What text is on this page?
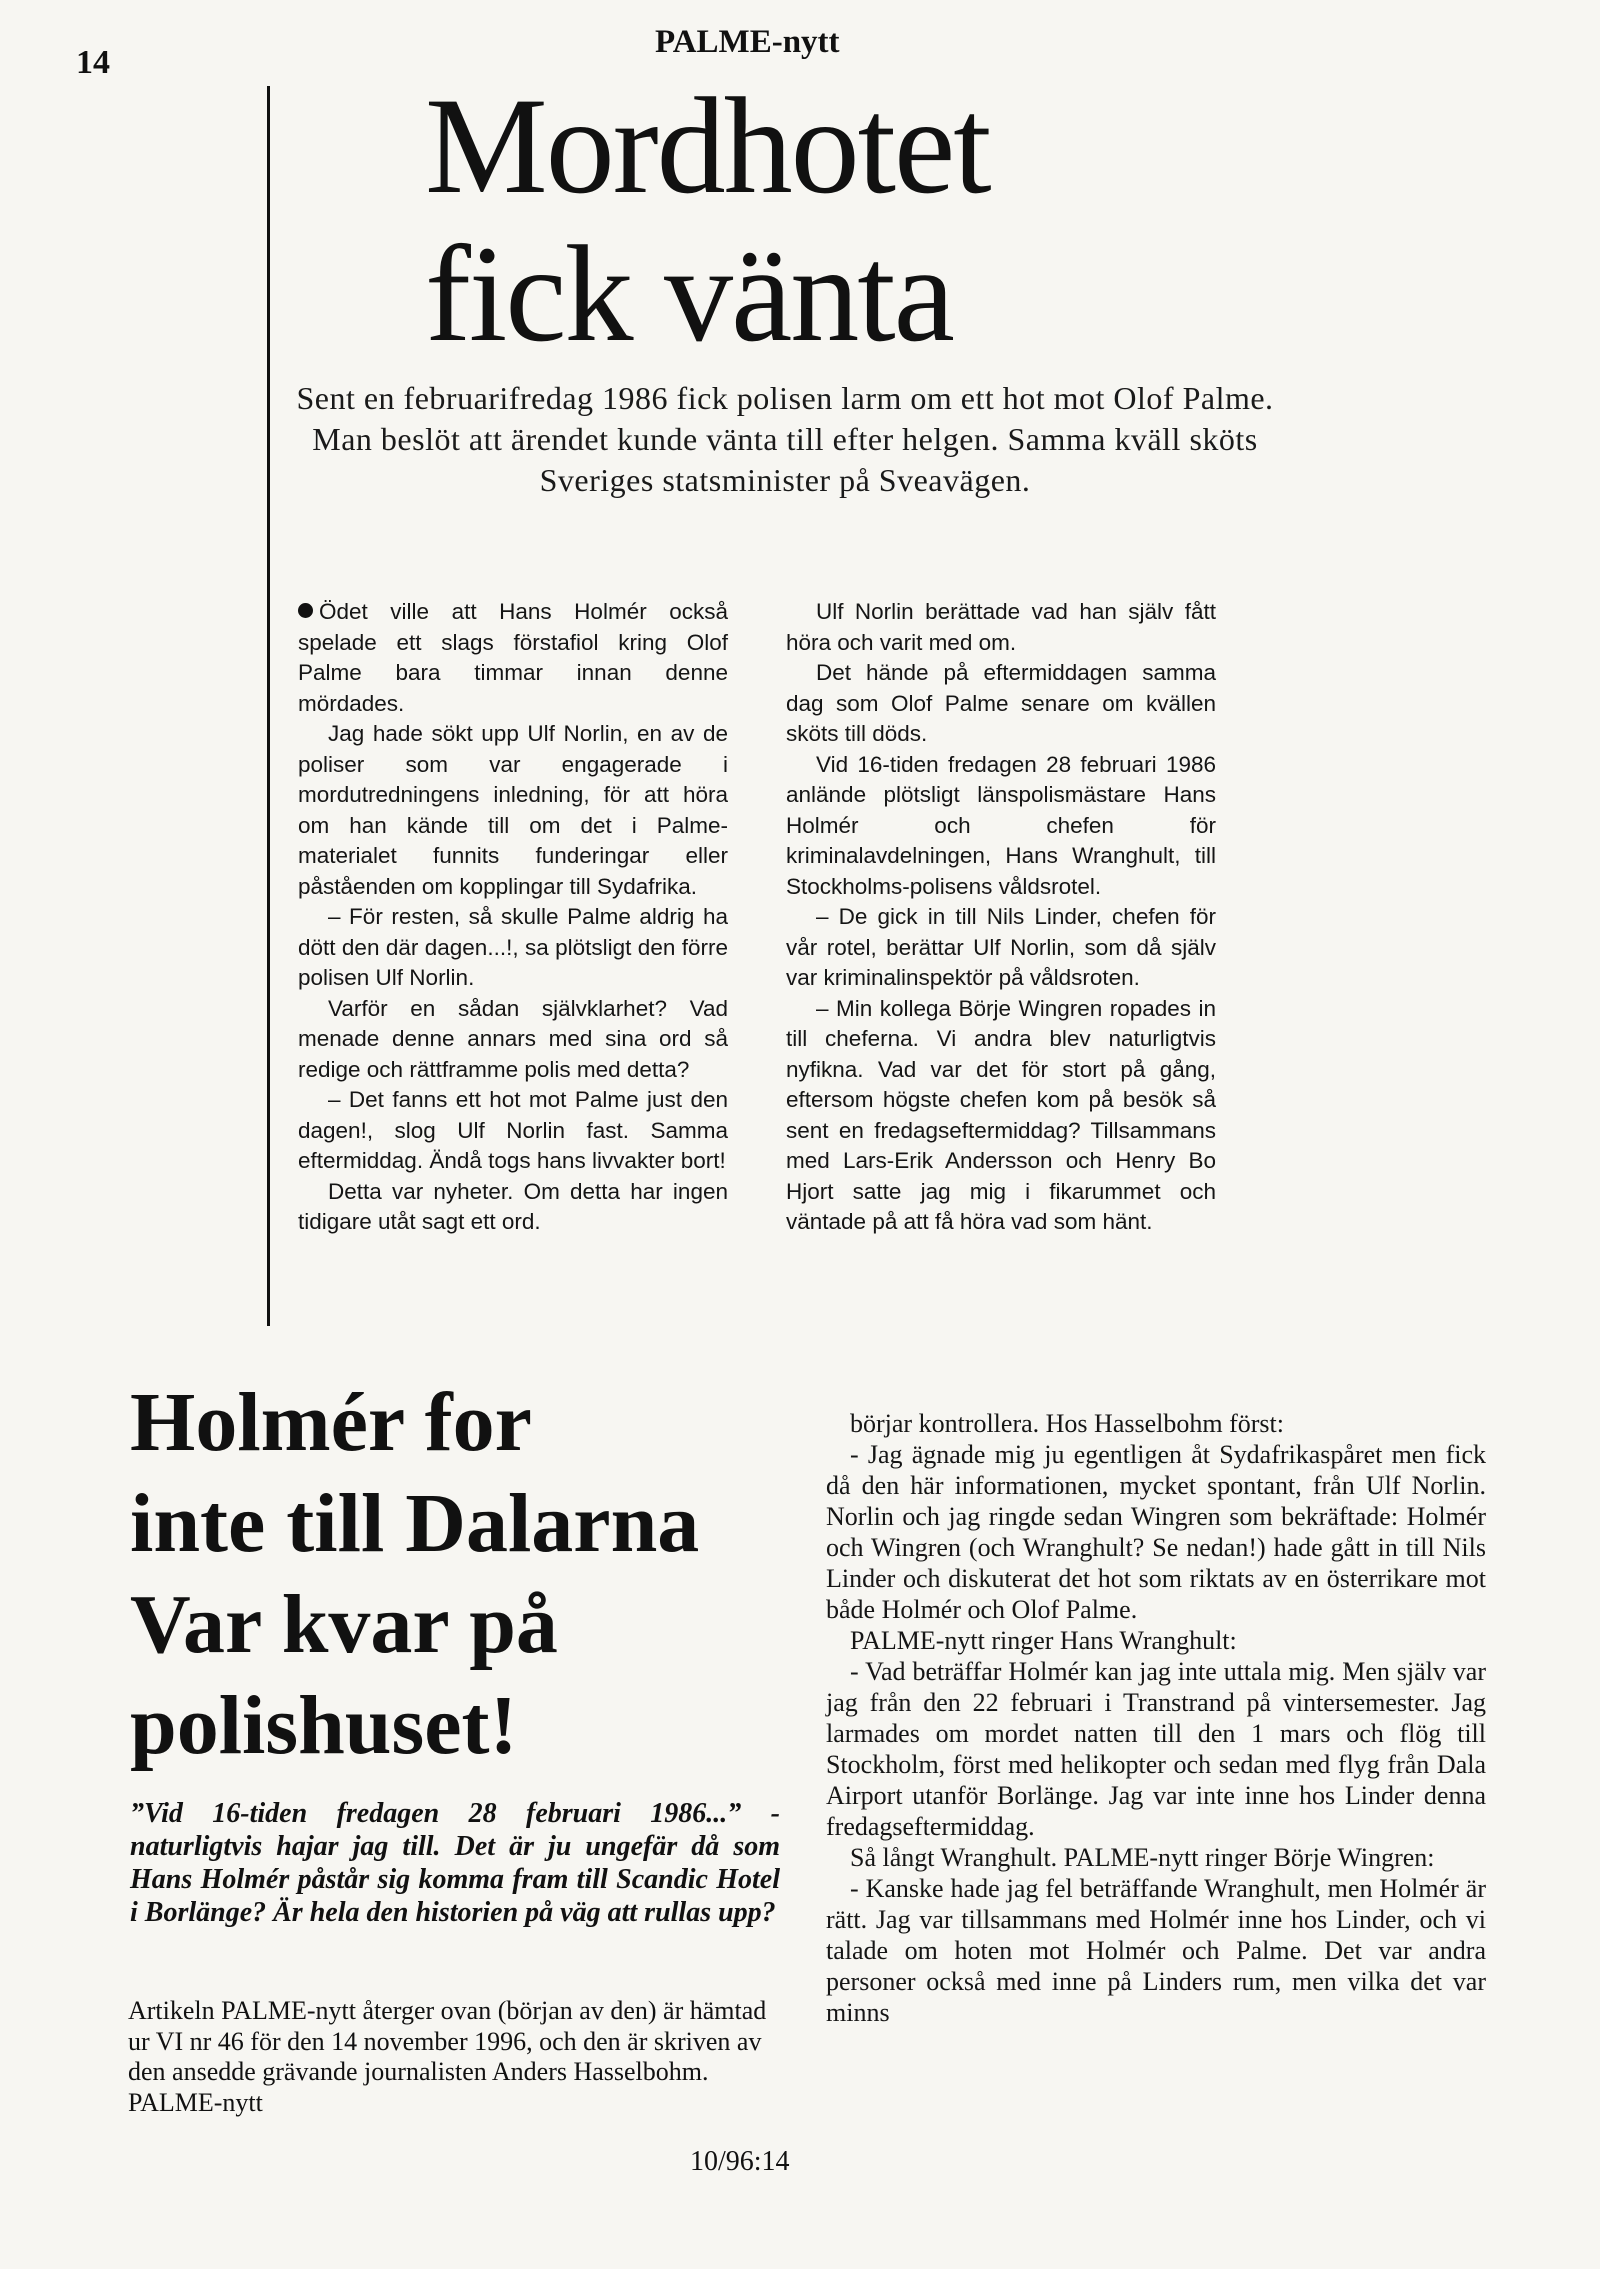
14
PALME-nytt
Mordhotet
fick vänta

Sent en februarifredag 1986 fick polisen larm om ett hot mot Olof Palme. Man beslöt att ärendet kunde vänta till efter helgen. Samma kväll sköts Sveriges statsminister på Sveavägen.

Ödet ville att Hans Holmér också spelade ett slags förstafiol kring Olof Palme bara timmar innan denne mördades.

Jag hade sökt upp Ulf Norlin, en av de poliser som var engagerade i mordutredningens inledning, för att höra om han kände till om det i Palme-materialet funnits funderingar eller påståenden om kopplingar till Sydafrika.

– För resten, så skulle Palme aldrig ha dött den där dagen...!, sa plötsligt den förre polisen Ulf Norlin.

Varför en sådan självklarhet? Vad menade denne annars med sina ord så redige och rättframme polis med detta?

– Det fanns ett hot mot Palme just den dagen!, slog Ulf Norlin fast. Samma eftermiddag. Ändå togs hans livvakter bort!

Detta var nyheter. Om detta har ingen tidigare utåt sagt ett ord.

Ulf Norlin berättade vad han själv fått höra och varit med om.

Det hände på eftermiddagen samma dag som Olof Palme senare om kvällen sköts till döds.

Vid 16-tiden fredagen 28 februari 1986 anlände plötsligt länspolismästare Hans Holmér och chefen för kriminalavdelningen, Hans Wranghult, till Stockholms-polisens våldsrotel.

– De gick in till Nils Linder, chefen för vår rotel, berättar Ulf Norlin, som då själv var kriminalinspektör på våldsroten.

– Min kollega Börje Wingren ropades in till cheferna. Vi andra blev naturligtvis nyfikna. Vad var det för stort på gång, eftersom högste chefen kom på besök så sent en fredagseftermiddag? Tillsammans med Lars-Erik Andersson och Henry Bo Hjort satte jag mig i fikarummet och väntade på att få höra vad som hänt.

Holmér for
inte till Dalarna
Var kvar på
polishuset!

”Vid 16-tiden fredagen 28 februari 1986...” - naturligtvis hajar jag till. Det är ju ungefär då som Hans Holmér påstår sig komma fram till Scandic Hotel i Borlänge? Är hela den historien på väg att rullas upp?

Artikeln PALME-nytt återger ovan (början av den) är hämtad ur VI nr 46 för den 14 november 1996, och den är skriven av den ansedde grävande journalisten Anders Hasselbohm. PALME-nytt

börjar kontrollera. Hos Hasselbohm först:

- Jag ägnade mig ju egentligen åt Sydafrikaspåret men fick då den här informationen, mycket spontant, från Ulf Norlin. Norlin och jag ringde sedan Wingren som bekräftade: Holmér och Wingren (och Wranghult? Se nedan!) hade gått in till Nils Linder och diskuterat det hot som riktats av en österrikare mot både Holmér och Olof Palme.

PALME-nytt ringer Hans Wranghult:

- Vad beträffar Holmér kan jag inte uttala mig. Men själv var jag från den 22 februari i Transtrand på vintersemester. Jag larmades om mordet natten till den 1 mars och flög till Stockholm, först med helikopter och sedan med flyg från Dala Airport utanför Borlänge. Jag var inte inne hos Linder denna fredagseftermiddag.

Så långt Wranghult. PALME-nytt ringer Börje Wingren:

- Kanske hade jag fel beträffande Wranghult, men Holmér är rätt. Jag var tillsammans med Holmér inne hos Linder, och vi talade om hoten mot Holmér och Palme. Det var andra personer också med inne på Linders rum, men vilka det var minns

10/96:14
